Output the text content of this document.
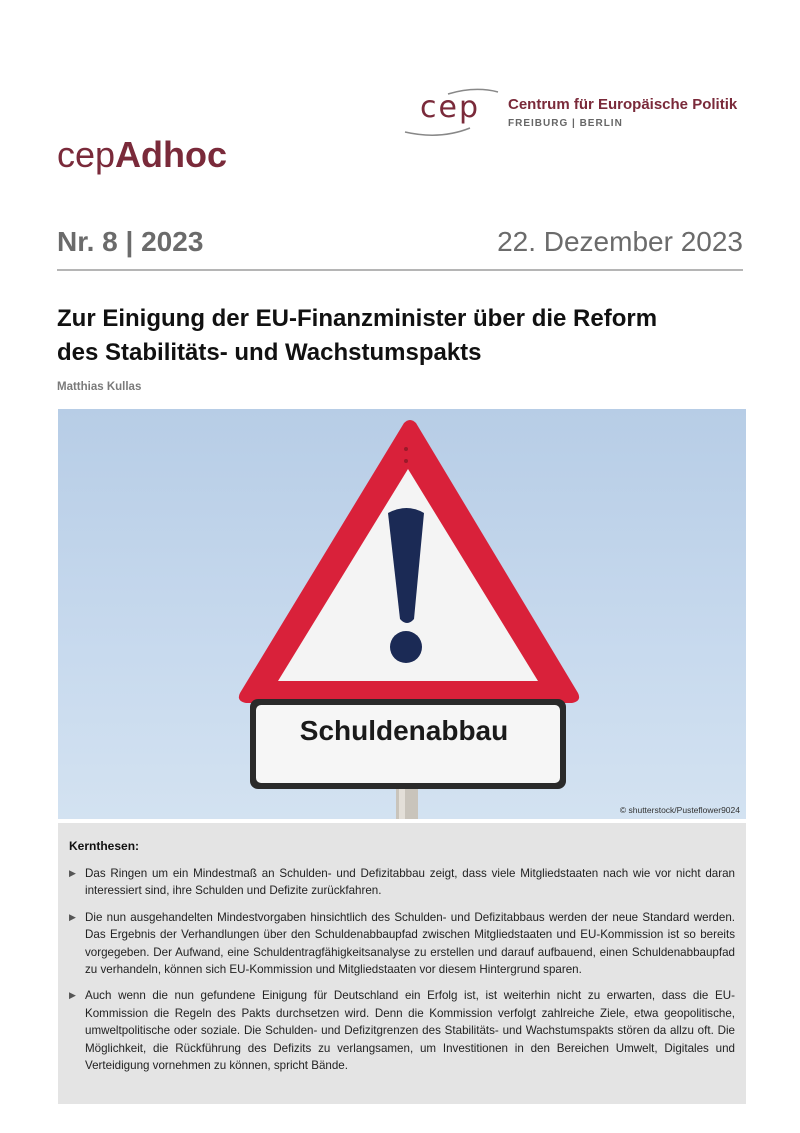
cep Centrum für Europäische Politik
FREIBURG | BERLIN
cepAdhoc
Nr. 8 | 2023	22. Dezember 2023
Zur Einigung der EU-Finanzminister über die Reform
des Stabilitäts- und Wachstumspakts
Matthias Kullas
Schuldenabbau
© shutterstock/Pusteflower9024
Kernthesen:
▶ Das Ringen um ein Mindestmaß an Schulden- und Defizitabbau zeigt, dass viele Mitgliedstaaten nach wie vor nicht daran interessiert sind, ihre Schulden und Defizite zurückfahren.
▶ Die nun ausgehandelten Mindestvorgaben hinsichtlich des Schulden- und Defizitabbaus werden der neue Standard werden. Das Ergebnis der Verhandlungen über den Schuldenabbaupfad zwischen Mitgliedstaaten und EU-Kommission ist so bereits vorgegeben. Der Aufwand, eine Schuldentragfähigkeitsanalyse zu erstellen und darauf aufbauend, einen Schuldenabbaupfad zu verhandeln, können sich EU-Kommission und Mitgliedstaaten vor diesem Hintergrund sparen.
▶ Auch wenn die nun gefundene Einigung für Deutschland ein Erfolg ist, ist weiterhin nicht zu erwarten, dass die EU-Kommission die Regeln des Pakts durchsetzen wird. Denn die Kommission verfolgt zahlreiche Ziele, etwa geopolitische, umweltpolitische oder soziale. Die Schulden- und Defizitgrenzen des Stabilitäts- und Wachstumspakts stören da allzu oft. Die Möglichkeit, die Rückführung des Defizits zu verlangsamen, um Investitionen in den Bereichen Umwelt, Digitales und Verteidigung vornehmen zu können, spricht Bände.
